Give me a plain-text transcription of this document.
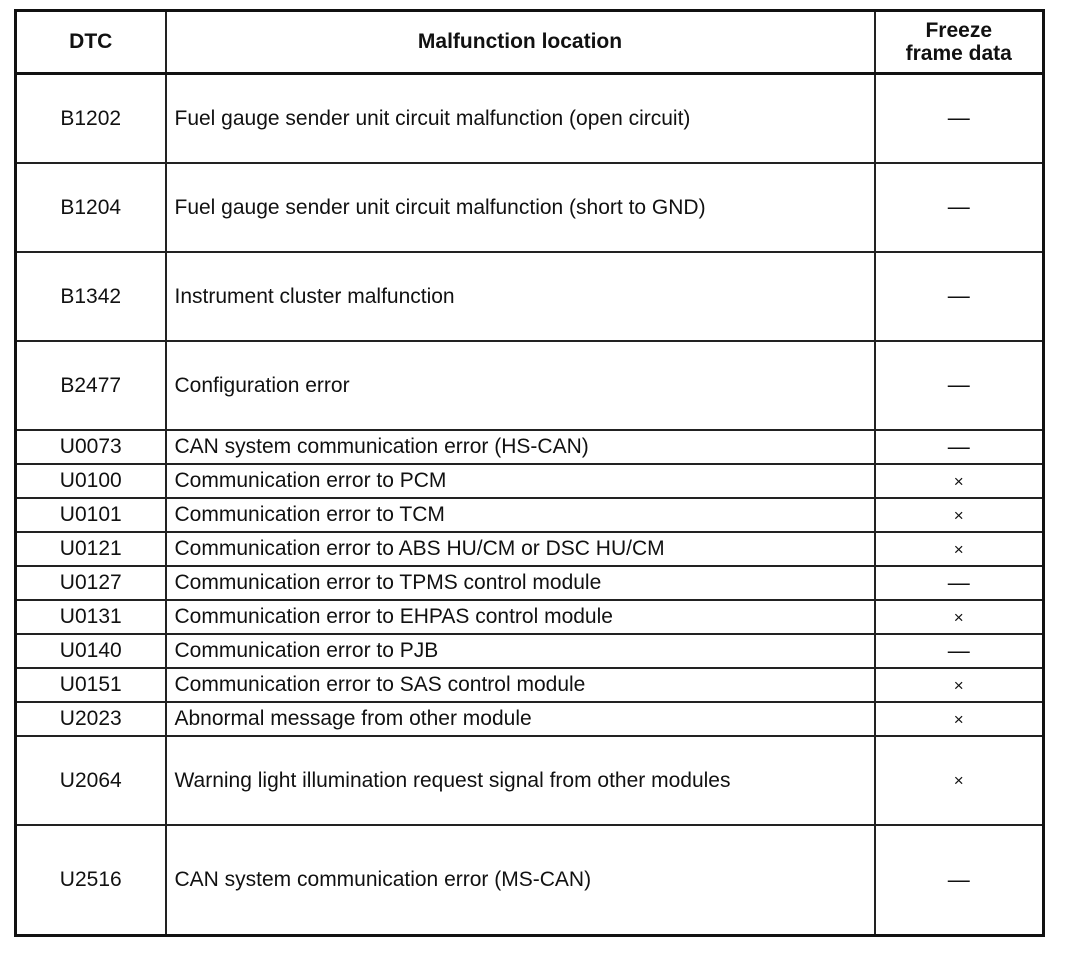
DTC	Malfunction location	Freeze
frame data
B1202	Fuel gauge sender unit circuit malfunction (open circuit)	—
B1204	Fuel gauge sender unit circuit malfunction (short to GND)	—
B1342	Instrument cluster malfunction	—
B2477	Configuration error	—
U0073	CAN system communication error (HS-CAN)	—
U0100	Communication error to PCM	×
U0101	Communication error to TCM	×
U0121	Communication error to ABS HU/CM or DSC HU/CM	×
U0127	Communication error to TPMS control module	—
U0131	Communication error to EHPAS control module	×
U0140	Communication error to PJB	—
U0151	Communication error to SAS control module	×
U2023	Abnormal message from other module	×
U2064	Warning light illumination request signal from other modules	×
U2516	CAN system communication error (MS-CAN)	—
